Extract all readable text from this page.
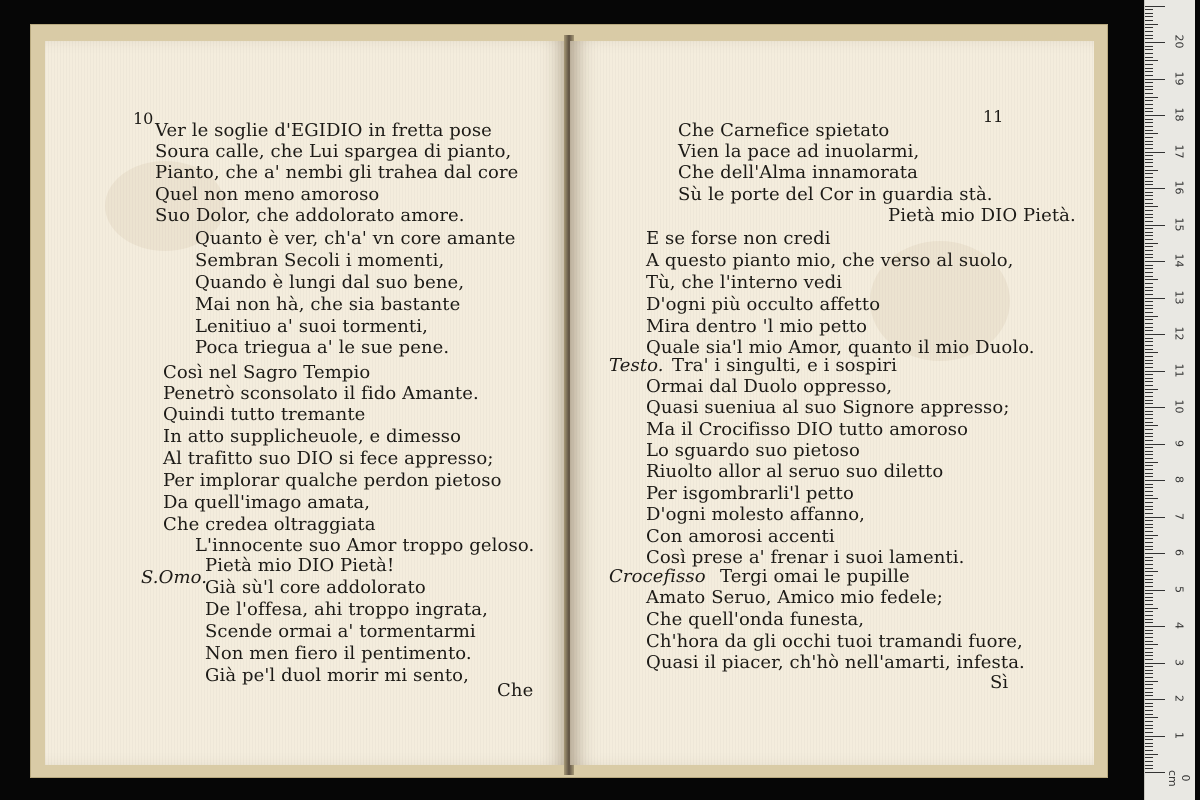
10
Ver le soglie d'EGIDIO in fretta pose
Soura calle, che Lui spargea di pianto,
Pianto, che a' nembi gli trahea dal core
Quel non meno amoroso
Suo Dolor, che addolorato amore.
Quanto è ver, ch'a' vn core amante
Sembran Secoli i momenti,
Quando è lungi dal suo bene,
Mai non hà, che sia bastante
Lenitiuo a' suoi tormenti,
Poca triegua a' le sue pene.
Così nel Sagro Tempio
Penetrò sconsolato il fido Amante.
Quindi tutto tremante
In atto supplicheuole, e dimesso
Al trafitto suo DIO si fece appresso;
Per implorar qualche perdon pietoso
Da quell'imago amata,
Che credea oltraggiata
L'innocente suo Amor troppo geloso.
Pietà mio DIO Pietà!
Già sù'l core addolorato
De l'offesa, ahi troppo ingrata,
Scende ormai a' tormentarmi
Non men fiero il pentimento.
Già pe'l duol morir mi sento,
S.Omo.
Che
11
Che Carnefice spietato
Vien la pace ad inuolarmi,
Che dell'Alma innamorata
Sù le porte del Cor in guardia stà.
Pietà mio DIO Pietà.
E se forse non credi
A questo pianto mio, che verso al suolo,
Tù, che l'interno vedi
D'ogni più occulto affetto
Mira dentro 'l mio petto
Quale sia'l mio Amor, quanto il mio Duolo.
Tra' i singulti, e i sospiri
Ormai dal Duolo oppresso,
Quasi sueniua al suo Signore appresso;
Ma il Crocifisso DIO tutto amoroso
Lo sguardo suo pietoso
Riuolto allor al seruo suo diletto
Per isgombrarli'l petto
D'ogni molesto affanno,
Con amorosi accenti
Così prese a' frenar i suoi lamenti.
Tergi omai le pupille
Amato Seruo, Amico mio fedele;
Che quell'onda funesta,
Ch'hora da gli occhi tuoi tramandi fuore,
Quasi il piacer, ch'hò nell'amarti, infesta.
Testo.
Crocefisso
Sì
0 cm
1
2
3
4
5
6
7
8
9
10
11
12
13
14
15
16
17
18
19
20
